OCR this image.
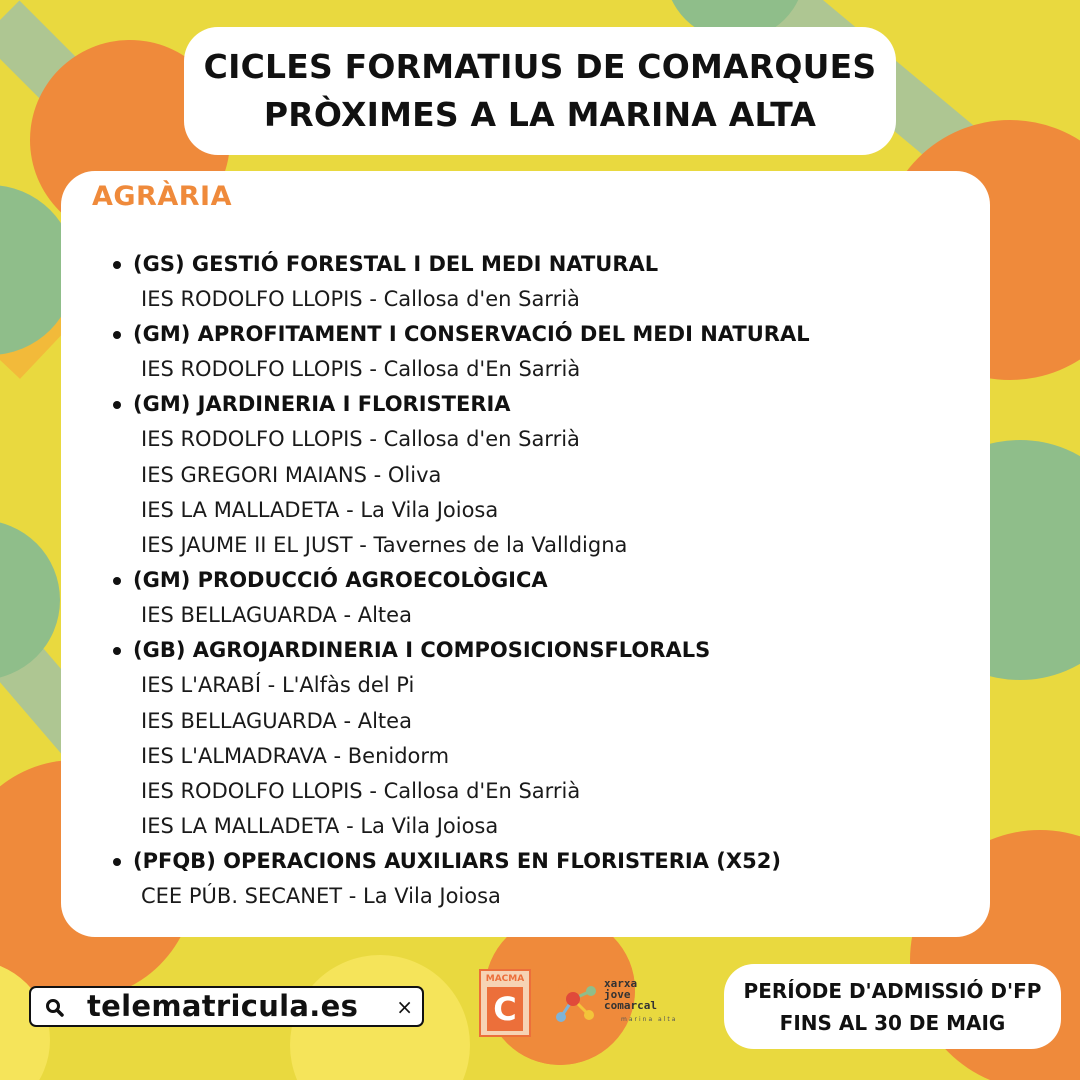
CICLES FORMATIUS DE COMARQUES
PRÒXIMES A LA MARINA ALTA
AGRÀRIA
(GS) GESTIÓ FORESTAL I DEL MEDI NATURAL
IES RODOLFO LLOPIS - Callosa d'en Sarrià
(GM) APROFITAMENT I CONSERVACIÓ DEL MEDI NATURAL
IES RODOLFO LLOPIS - Callosa d'En Sarrià
(GM) JARDINERIA I FLORISTERIA
IES RODOLFO LLOPIS - Callosa d'en Sarrià
IES GREGORI MAIANS - Oliva
IES LA MALLADETA - La Vila Joiosa
IES JAUME II EL JUST - Tavernes de la Valldigna
(GM) PRODUCCIÓ AGROECOLÒGICA
IES BELLAGUARDA - Altea
(GB) AGROJARDINERIA I COMPOSICIONSFLORALS
IES L'ARABÍ - L'Alfàs del Pi
IES BELLAGUARDA - Altea
IES L'ALMADRAVA - Benidorm
IES RODOLFO LLOPIS - Callosa d'En Sarrià
IES LA MALLADETA - La Vila Joiosa
(PFQB) OPERACIONS AUXILIARS EN FLORISTERIA (X52)
CEE PÚB. SECANET - La Vila Joiosa
telematricula.es ×
MACMA
C
xarxa
jove
comarcal
marina alta
PERÍODE D'ADMISSIÓ D'FP
FINS AL 30 DE MAIG
